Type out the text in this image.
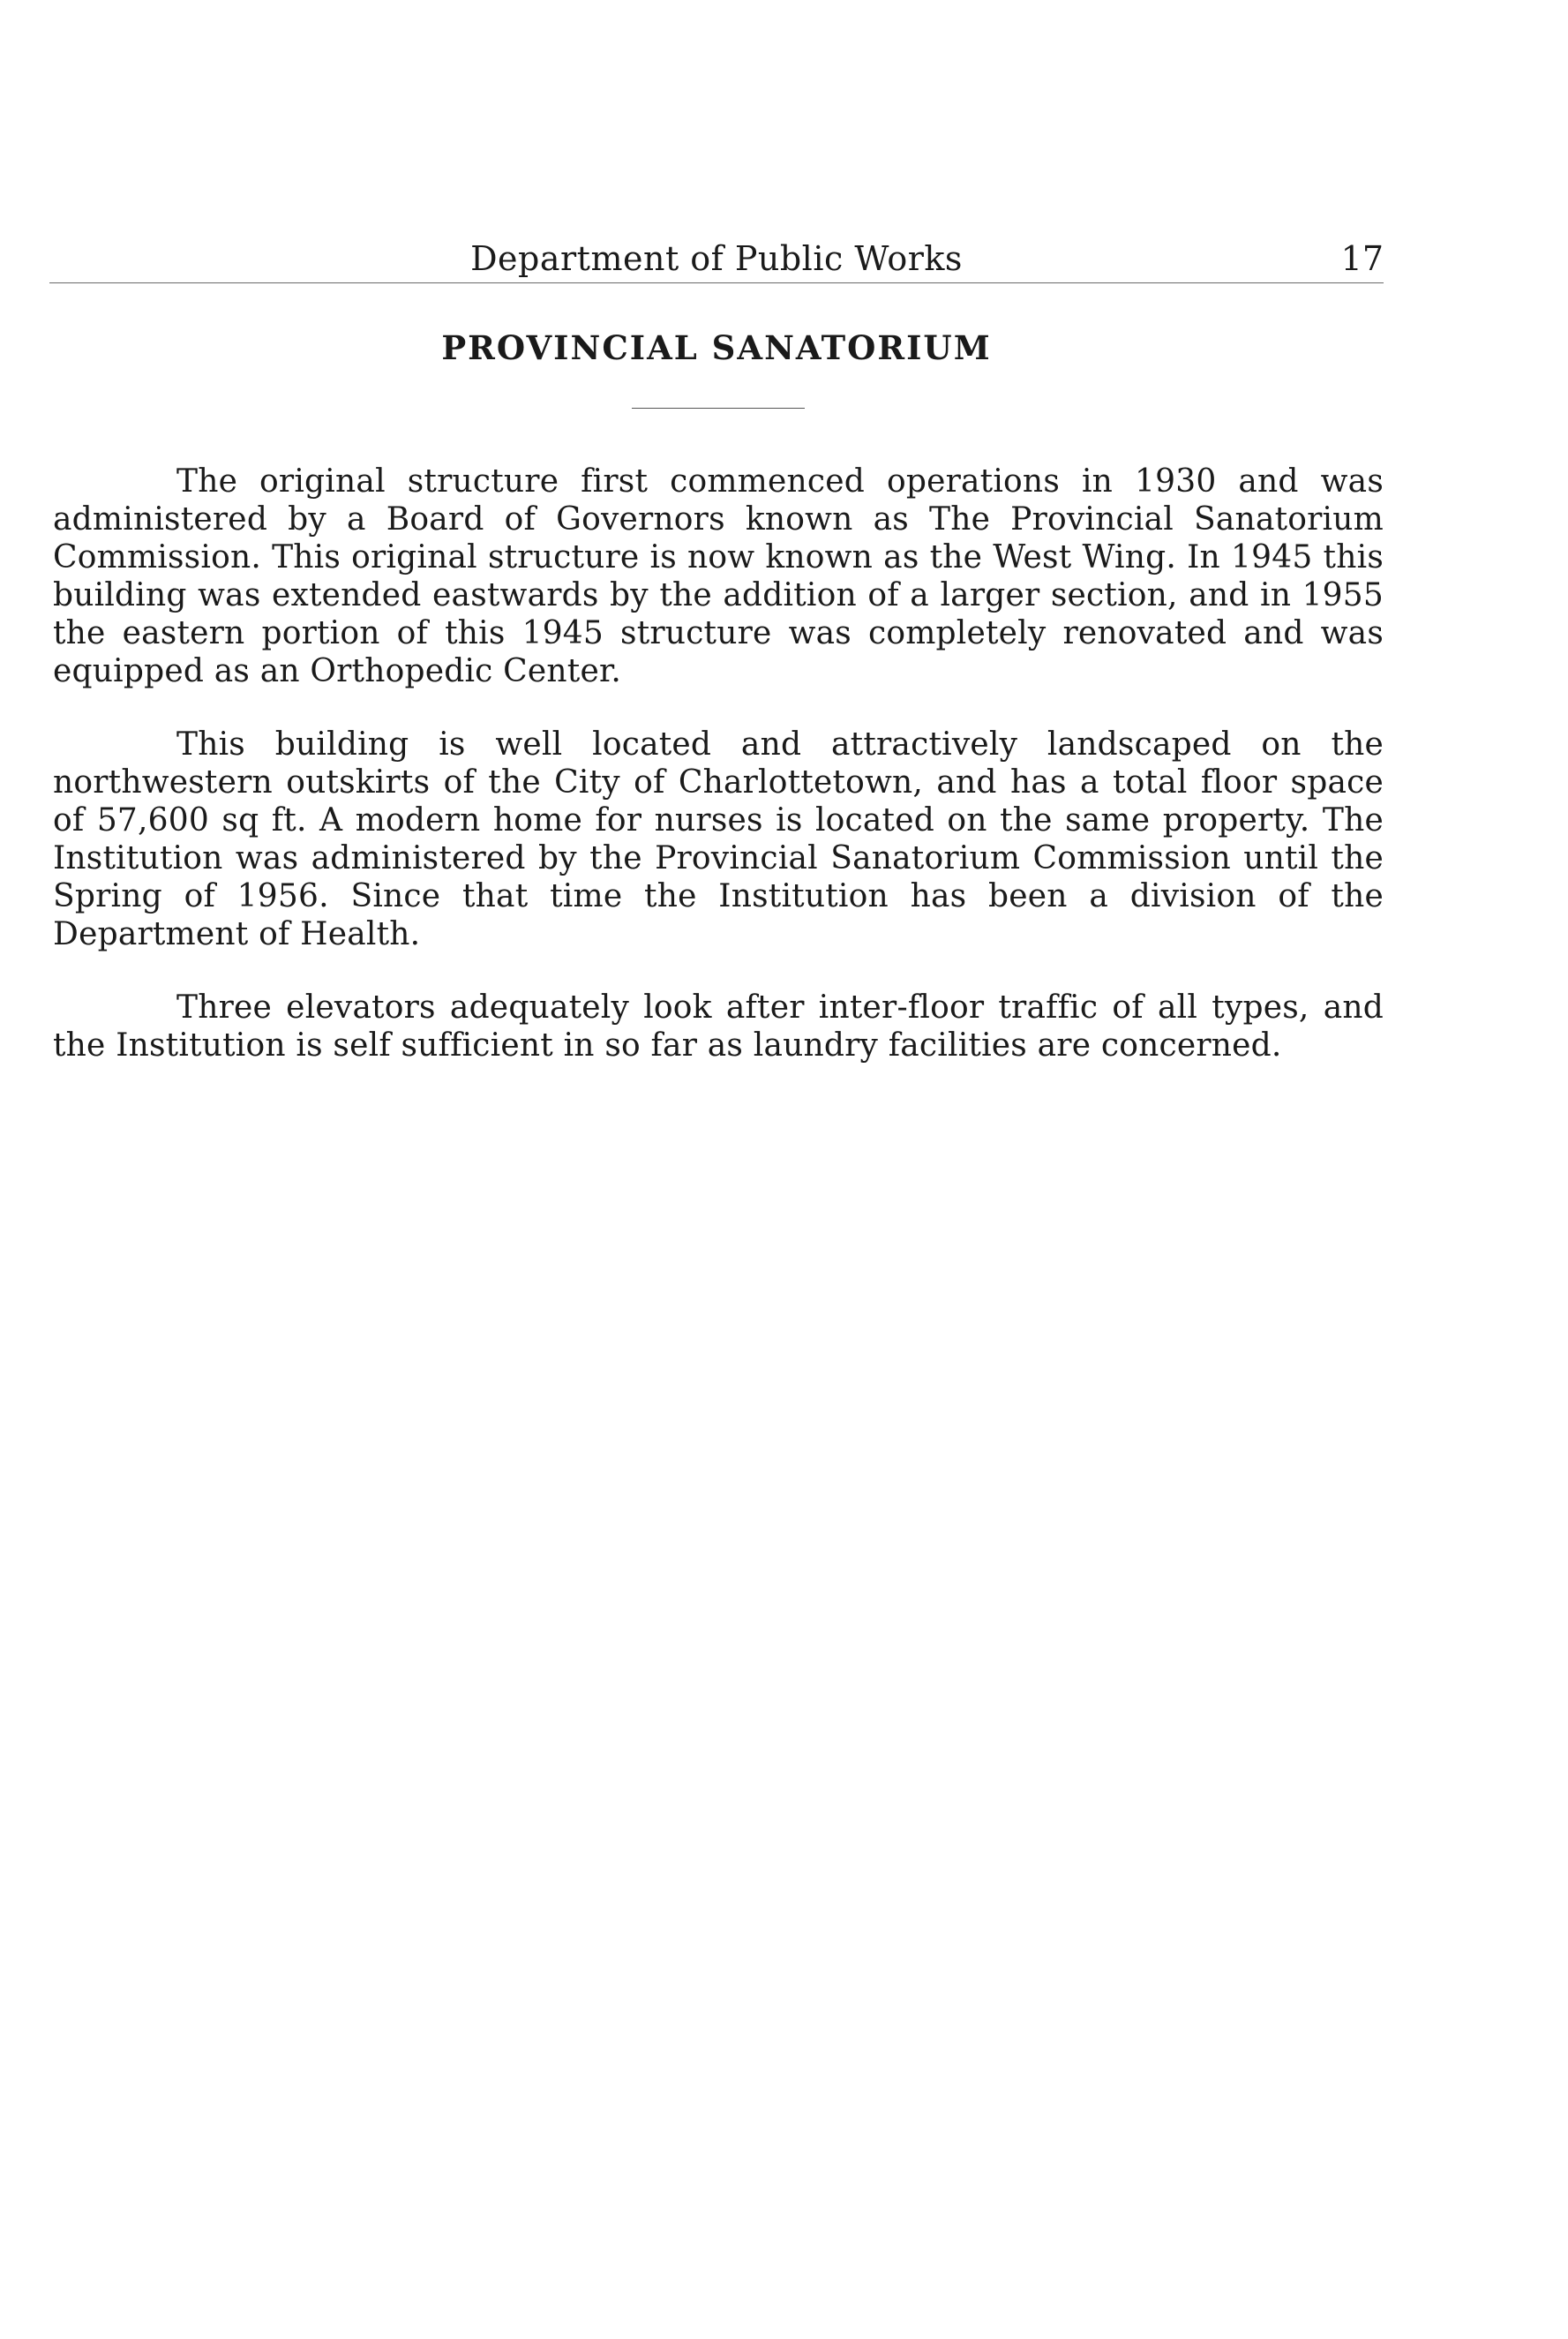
Department of Public Works	17
PROVINCIAL SANATORIUM

The original structure first commenced operations in 1930 and was administered by a Board of Governors known as The Provincial Sanatorium Commission. This original structure is now known as the West Wing. In 1945 this building was extended eastwards by the addition of a larger section, and in 1955 the eastern portion of this 1945 structure was completely renovated and was equipped as an Orthopedic Center.

This building is well located and attractively landscaped on the northwestern outskirts of the City of Charlottetown, and has a total floor space of 57,600 sq ft. A modern home for nurses is located on the same property. The Institution was administered by the Provincial Sanatorium Commission until the Spring of 1956. Since that time the Institution has been a division of the Department of Health.

Three elevators adequately look after inter-floor traffic of all types, and the Institution is self sufficient in so far as laundry facilities are concerned.
